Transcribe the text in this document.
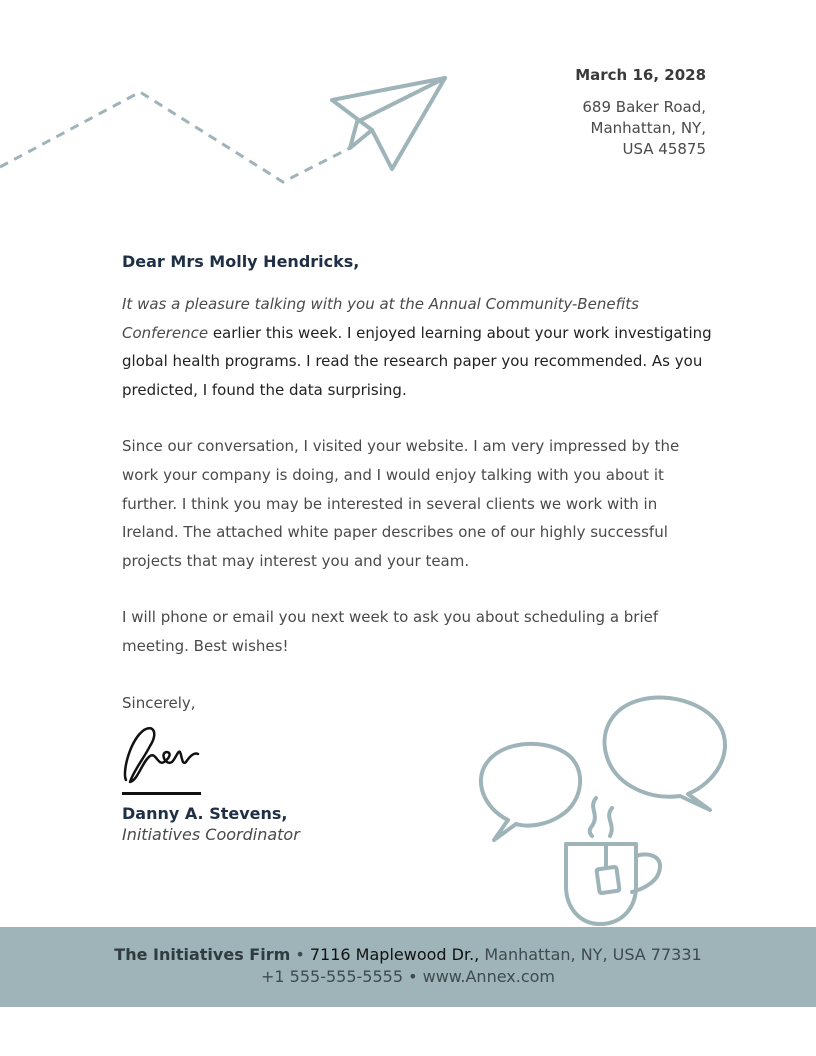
March 16, 2028
689 Baker Road,
Manhattan, NY,
USA 45875
Dear Mrs Molly Hendricks,
It was a pleasure talking with you at the Annual Community-Benefits Conference earlier this week. I enjoyed learning about your work investigating global health programs. I read the research paper you recommended. As you predicted, I found the data surprising.
Since our conversation, I visited your website. I am very impressed by the work your company is doing, and I would enjoy talking with you about it further. I think you may be interested in several clients we work with in Ireland. The attached white paper describes one of our highly successful projects that may interest you and your team.
I will phone or email you next week to ask you about scheduling a brief meeting. Best wishes!
Sincerely,
Danny A. Stevens,
Initiatives Coordinator
The Initiatives Firm • 7116 Maplewood Dr., Manhattan, NY, USA 77331
+1 555-555-5555 • www.Annex.com
